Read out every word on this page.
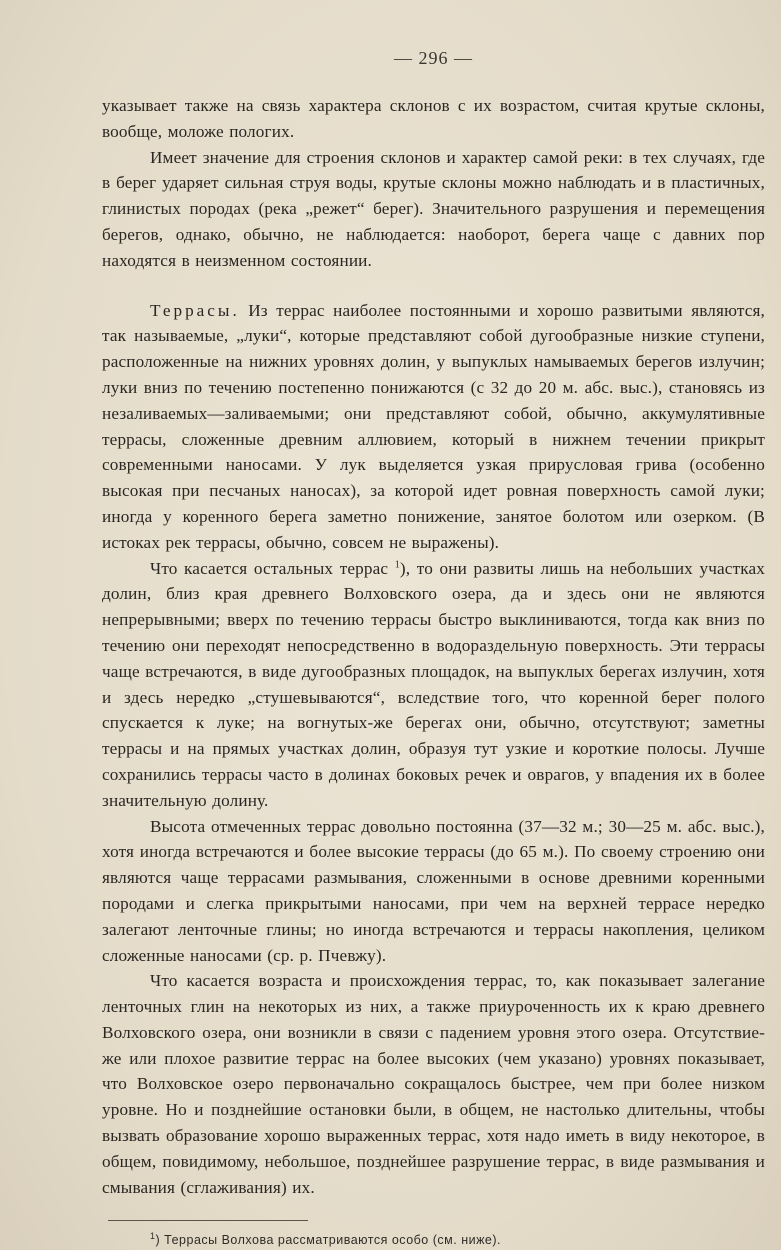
— 296 —

указывает также на связь характера склонов с их возрастом, считая крутые склоны, вообще, моложе пологих.

Имеет значение для строения склонов и характер самой реки: в тех случаях, где в берег ударяет сильная струя воды, крутые склоны можно наблюдать и в пластичных, глинистых породах (река „режет“ берег). Значительного разрушения и перемещения берегов, однако, обычно, не наблюдается: наоборот, берега чаще с давних пор находятся в неизменном состоянии.

Террасы. Из террас наиболее постоянными и хорошо развитыми являются, так называемые, „луки“, которые представляют собой дугообразные низкие ступени, расположенные на нижних уровнях долин, у выпуклых намываемых берегов излучин; луки вниз по течению постепенно понижаются (с 32 до 20 м. абс. выс.), становясь из незаливаемых—заливаемыми; они представляют собой, обычно, аккумулятивные террасы, сложенные древним аллювием, который в нижнем течении прикрыт современными наносами. У лук выделяется узкая прирусловая грива (особенно высокая при песчаных наносах), за которой идет ровная поверхность самой луки; иногда у коренного берега заметно понижение, занятое болотом или озерком. (В истоках рек террасы, обычно, совсем не выражены).

Что касается остальных террас $^1$), то они развиты лишь на небольших участках долин, близ края древнего Волховского озера, да и здесь они не являются непрерывными; вверх по течению террасы быстро выклиниваются, тогда как вниз по течению они переходят непосредственно в водораздельную поверхность. Эти террасы чаще встречаются, в виде дугообразных площадок, на выпуклых берегах излучин, хотя и здесь нередко „стушевываются“, вследствие того, что коренной берег полого спускается к луке; на вогнутых-же берегах они, обычно, отсутствуют; заметны террасы и на прямых участках долин, образуя тут узкие и короткие полосы. Лучше сохранились террасы часто в долинах боковых речек и оврагов, у впадения их в более значительную долину.

Высота отмеченных террас довольно постоянна (37—32 м.; 30—25 м. абс. выс.), хотя иногда встречаются и более высокие террасы (до 65 м.). По своему строению они являются чаще террасами размывания, сложенными в основе древними коренными породами и слегка прикрытыми наносами, при чем на верхней террасе нередко залегают ленточные глины; но иногда встречаются и террасы накопления, целиком сложенные наносами (ср. р. Пчевжу).

Что касается возраста и происхождения террас, то, как показывает залегание ленточных глин на некоторых из них, а также приуроченность их к краю древнего Волховского озера, они возникли в связи с падением уровня этого озера. Отсутствие-же или плохое развитие террас на более высоких (чем указано) уровнях показывает, что Волховское озеро первоначально сокращалось быстрее, чем при более низком уровне. Но и позднейшие остановки были, в общем, не настолько длительны, чтобы вызвать образование хорошо выраженных террас, хотя надо иметь в виду некоторое, в общем, повидимому, небольшое, позднейшее разрушение террас, в виде размывания и смывания (сглаживания) их.

$^1$) Террасы Волхова рассматриваются особо (см. ниже).
